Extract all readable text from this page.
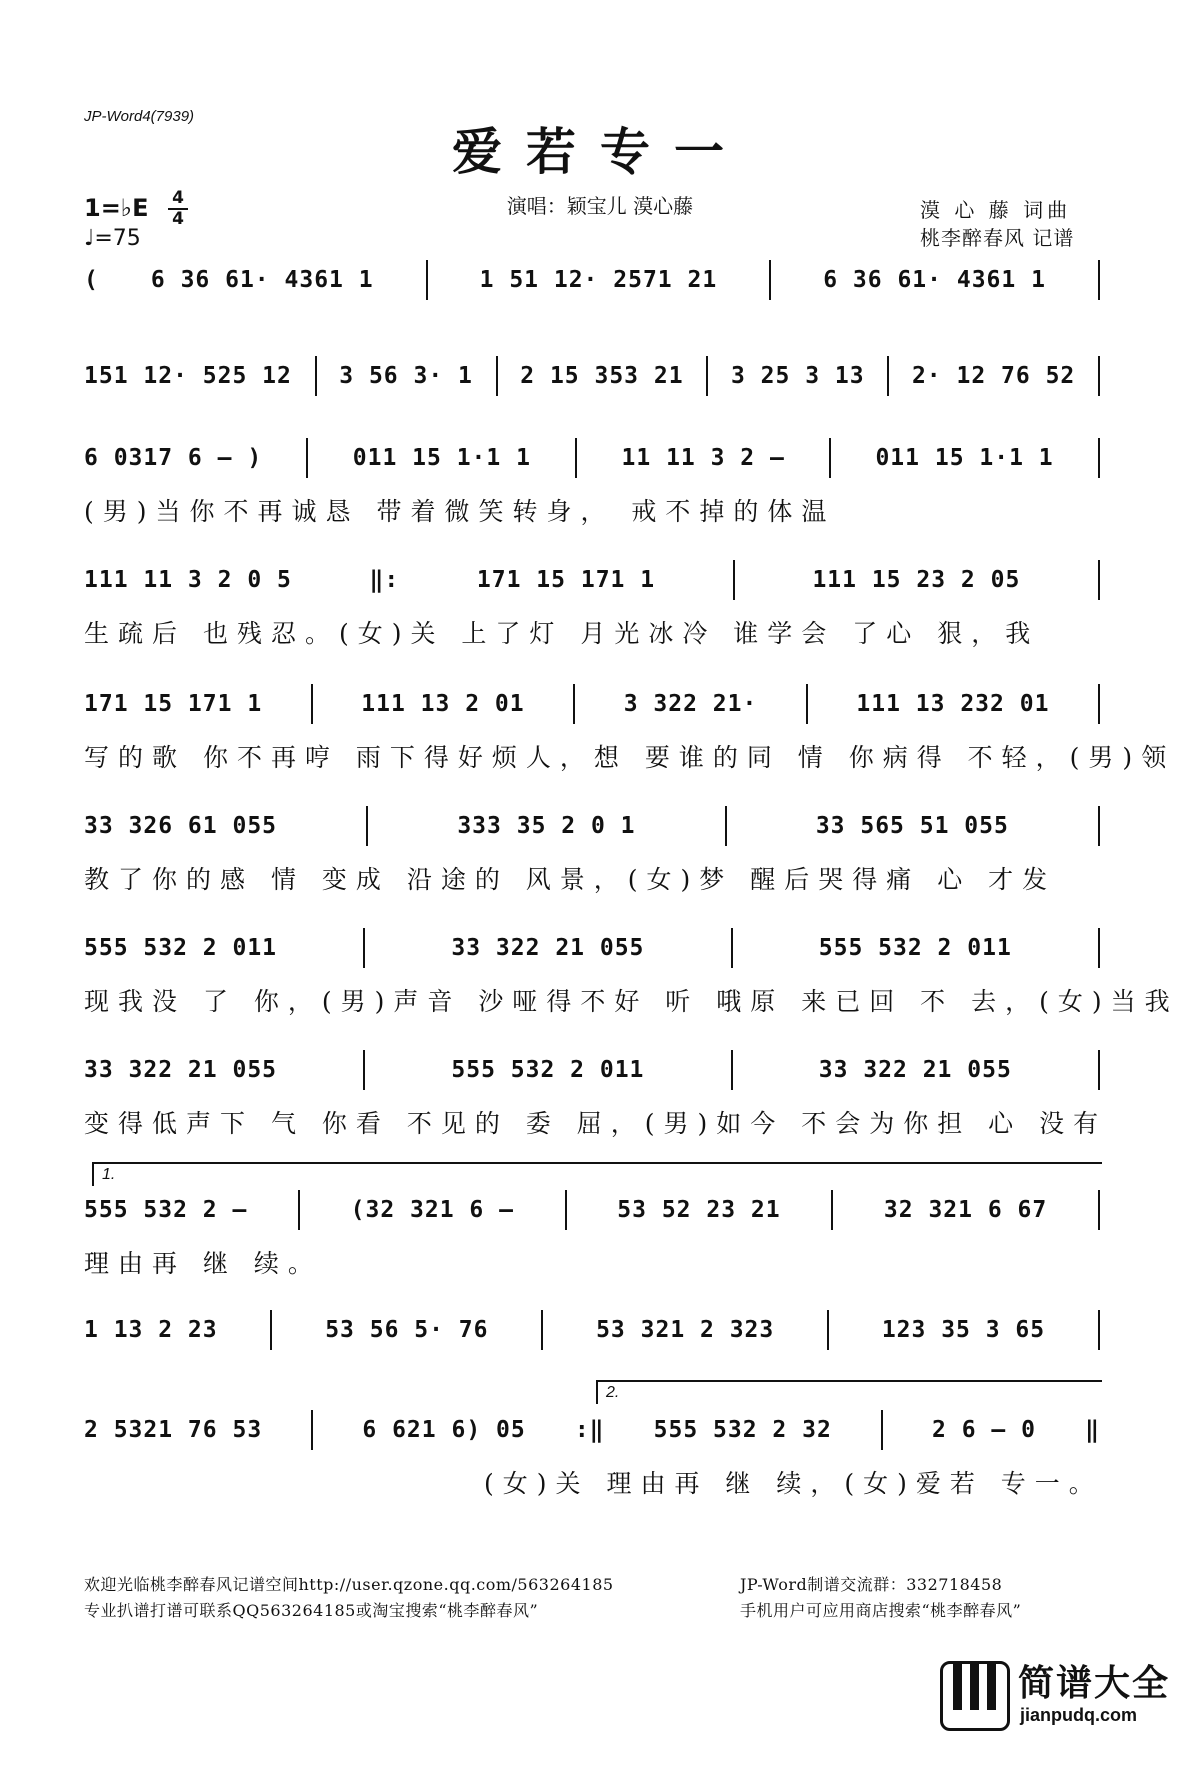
JP-Word4(7939)
爱若专一
演唱：颖宝儿 漠心藤
1=♭E 4
4
♩=75
漠 心 藤 词曲
桃李醉春风 记谱
( 6 36 61· 4361 1	1 51 12· 2571 21	6 36 61· 4361 1
151 12· 525 12 3 56 3· 1 2 15 353 21 3 25 3 13 2· 12 76 52
6 0317 6 – )	011 15 1·1 1	11 11 3 2 –	011 15 1·1 1
(男)当你不再诚恳 带着微笑转身， 戒不掉的体温
111 11 3 2 0 5	‖:	171 15 171 1	111 15 23 2 05
生疏后 也残忍。(女)关 上了灯 月光冰冷 谁学会 了心 狠，我
171 15 171 1	111 13 2 01	3 322 21·	111 13 232 01
写的歌 你不再哼 雨下得好烦人，想 要谁的同 情 你病得 不轻，(男)领
33 326 61 055	333 35 2 0 1	33 565 51 055
教了你的感 情 变成 沿途的 风景，(女)梦 醒后哭得痛 心 才发
555 532 2 011	33 322 21 055	555 532 2 011
现我没 了 你，(男)声音 沙哑得不好 听 哦原 来已回 不 去，(女)当我
33 322 21 055	555 532 2 011	33 322 21 055
变得低声下 气 你看 不见的 委 屈，(男)如今 不会为你担 心 没有
1.
555 532 2 –	(32 321 6 –	53 52 23 21	32 321 6 67
理由再 继 续。
1 13 2 23	53 56 5· 76	53 321 2 323	123 35 3 65
2.
2 5321 76 53	6 621 6) 05 :‖ 555 532 2 32	2 6 – 0 ‖
(女)关 理由再 继 续，(女)爱若 专一。
欢迎光临桃李醉春风记谱空间http://user.qzone.qq.com/563264185	JP-Word制谱交流群：332718458
专业扒谱打谱可联系QQ563264185或淘宝搜索“桃李醉春风”	手机用户可应用商店搜索“桃李醉春风”
简谱大全
jianpudq.com
